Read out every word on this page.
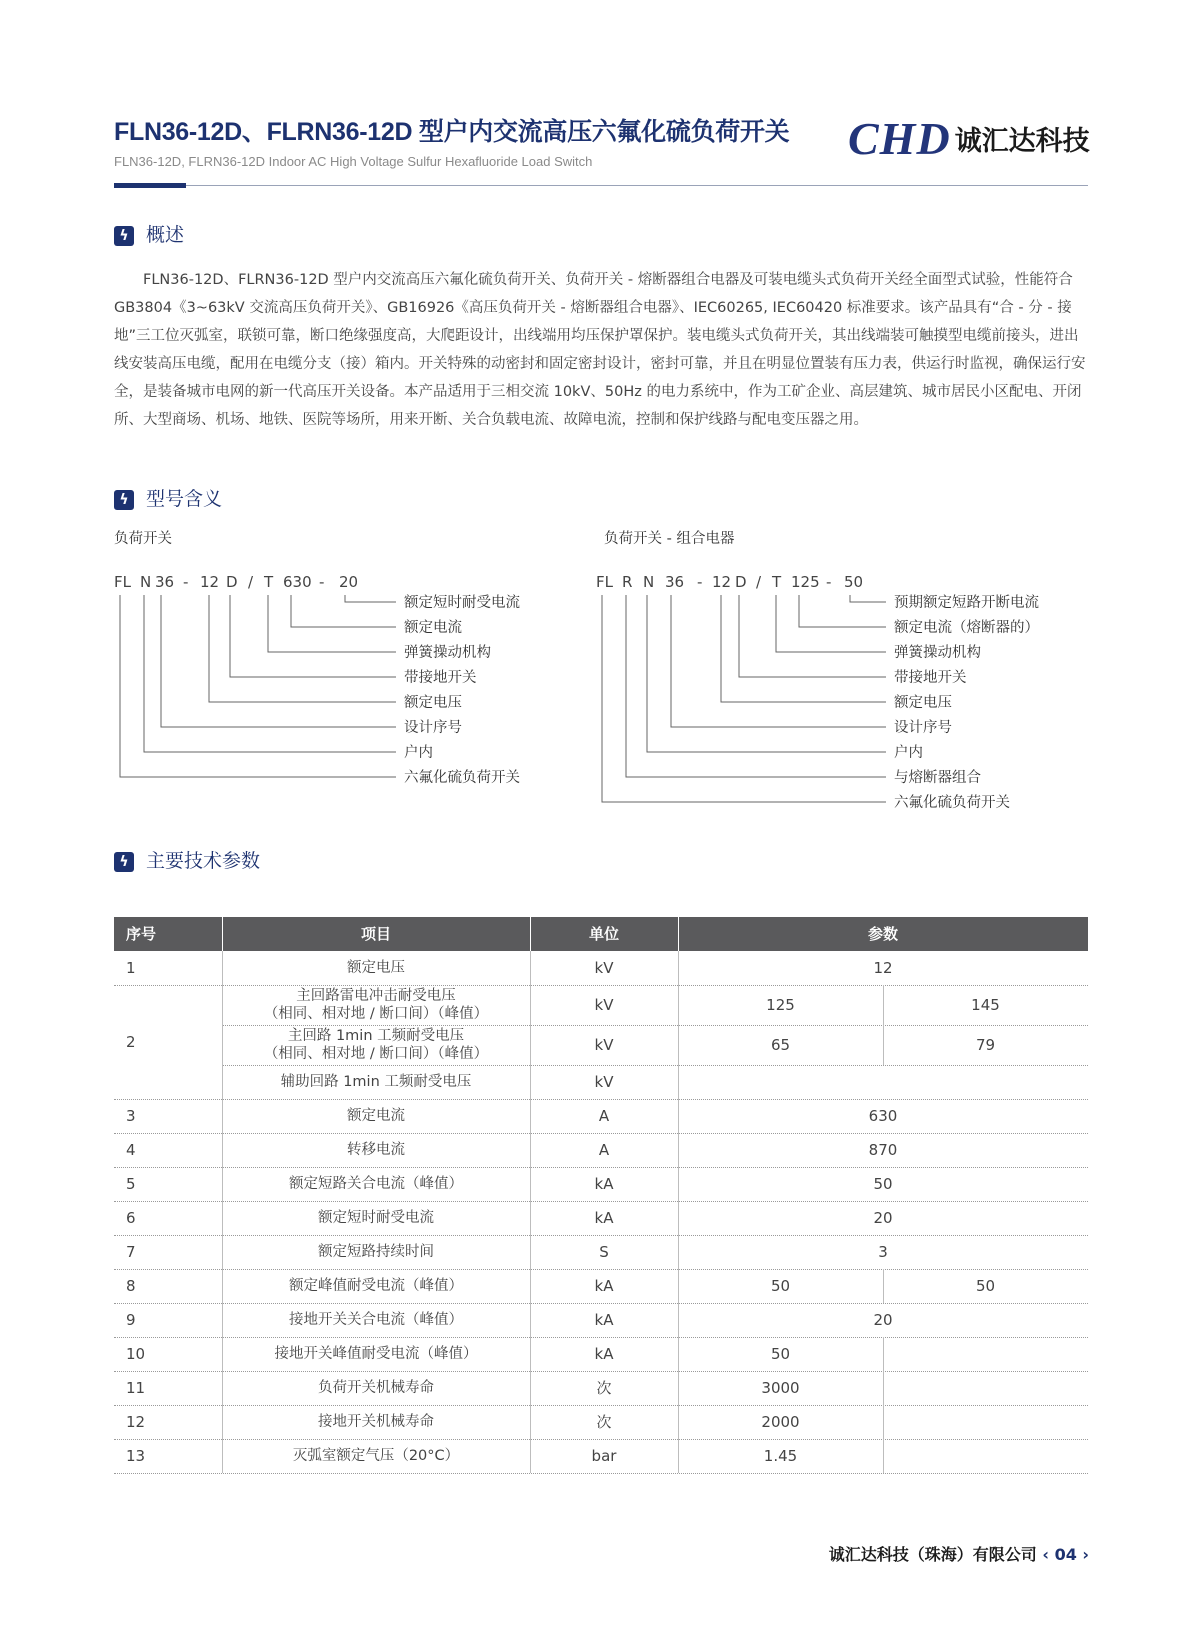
FLN36-12D、FLRN36-12D 型户内交流高压六氟化硫负荷开关
FLN36-12D, FLRN36-12D Indoor AC High Voltage Sulfur Hexafluoride Load Switch	CHD 诚汇达科技
ϟ 概述

FLN36-12D、FLRN36-12D 型户内交流高压六氟化硫负荷开关、负荷开关 - 熔断器组合电器及可装电缆头式负荷开关经全面型式试验，性能符合 GB3804《3~63kV 交流高压负荷开关》、GB16926《高压负荷开关 - 熔断器组合电器》、IEC60265, IEC60420 标准要求。该产品具有“合 - 分 - 接地”三工位灭弧室，联锁可靠，断口绝缘强度高，大爬距设计，出线端用均压保护罩保护。装电缆头式负荷开关，其出线端装可触摸型电缆前接头，进出线安装高压电缆，配用在电缆分支（接）箱内。开关特殊的动密封和固定密封设计，密封可靠，并且在明显位置装有压力表，供运行时监视，确保运行安全，是装备城市电网的新一代高压开关设备。本产品适用于三相交流 10kV、50Hz 的电力系统中，作为工矿企业、高层建筑、城市居民小区配电、开闭所、大型商场、机场、地铁、医院等场所，用来开断、关合负载电流、故障电流，控制和保护线路与配电变压器之用。

ϟ 型号含义
负荷开关	负荷开关 - 组合电器
FL N 36 - 12 D / T 630 - 20	FL R N 36 - 12 D / T 125 - 50
额定短时耐受电流
额定电流
弹簧操动机构
带接地开关
额定电压
设计序号
户内
六氟化硫负荷开关
预期额定短路开断电流
额定电流（熔断器的）
弹簧操动机构
带接地开关
额定电压
设计序号
户内
与熔断器组合
六氟化硫负荷开关
ϟ 主要技术参数
序号	项目	单位	参数
1	额定电压	kV	12
2
主回路雷电冲击耐受电压
（相同、相对地 / 断口间）（峰值）	kV	125	145
主回路 1min 工频耐受电压
（相同、相对地 / 断口间）（峰值）	kV	65	79
辅助回路 1min 工频耐受电压	kV
3	额定电流	A	630
4	转移电流	A	870
5	额定短路关合电流（峰值）	kA	50
6	额定短时耐受电流	kA	20
7	额定短路持续时间	S	3
8	额定峰值耐受电流（峰值）	kA	50	50
9	接地开关关合电流（峰值）	kA	20
10	接地开关峰值耐受电流（峰值）	kA	50
11	负荷开关机械寿命	次	3000
12	接地开关机械寿命	次	2000
13	灭弧室额定气压（20°C）	bar	1.45
诚汇达科技（珠海）有限公司 ‹ 04 ›
